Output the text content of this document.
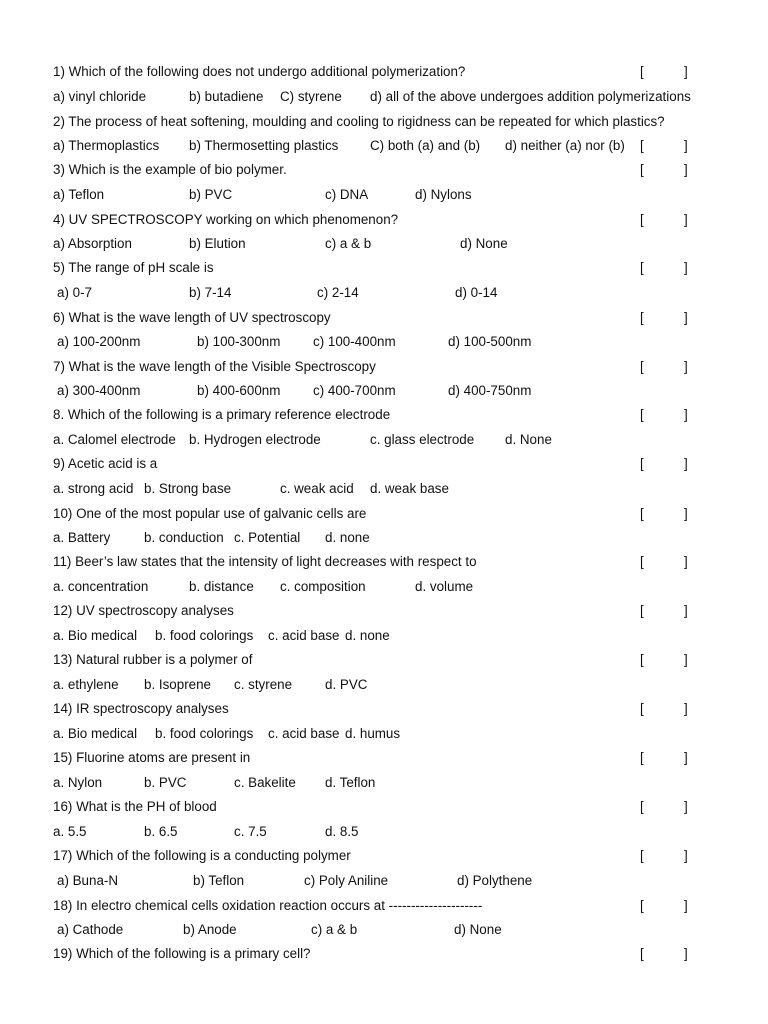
1) Which of the following does not undergo additional polymerization?	[	]
a) vinyl chloride	b) butadiene C) styrene d) all of the above undergoes addition polymerizations
2) The process of heat softening, moulding and cooling to rigidness can be repeated for which plastics?
a) Thermoplastics b) Thermosetting plastics C) both (a) and (b) d) neither (a) nor (b) [	]
3) Which is the example of bio polymer.	[	]
a) Teflon	b) PVC	c) DNA	d) Nylons
4) UV SPECTROSCOPY working on which phenomenon?	[	]
a) Absorption	b) Elution	c) a & b	d) None
5) The range of pH scale is	[	]
a) 0-7	b) 7-14	c) 2-14	d) 0-14
6) What is the wave length of UV spectroscopy	[	]
a) 100-200nm	b) 100-300nm c) 100-400nm	d) 100-500nm
7) What is the wave length of the Visible Spectroscopy	[	]
a) 300-400nm	b) 400-600nm c) 400-700nm	d) 400-750nm
8. Which of the following is a primary reference electrode	[	]
a. Calomel electrode b. Hydrogen electrode	c. glass electrode d. None
9) Acetic acid is a	[	]
a. strong acid b. Strong base	c. weak acid d. weak base
10) One of the most popular use of galvanic cells are	[	]
a. Battery	b. conduction c. Potential d. none
11) Beer’s law states that the intensity of light decreases with respect to	[	]
a. concentration	b. distance c. composition	d. volume
12) UV spectroscopy analyses	[	]
a. Bio medical b. food colorings c. acid base d. none
13) Natural rubber is a polymer of	[	]
a. ethylene b. Isoprene c. styrene d. PVC
14) IR spectroscopy analyses	[	]
a. Bio medical b. food colorings c. acid base d. humus
15) Fluorine atoms are present in	[	]
a. Nylon	b. PVC	c. Bakelite d. Teflon
16) What is the PH of blood	[	]
a. 5.5	b. 6.5	c. 7.5	d. 8.5
17) Which of the following is a conducting polymer	[	]
a) Buna-N	b) Teflon	c) Poly Aniline	d) Polythene
18) In electro chemical cells oxidation reaction occurs at ---------------------	[	]
a) Cathode	b) Anode	c) a & b	d) None
19) Which of the following is a primary cell?	[	]
